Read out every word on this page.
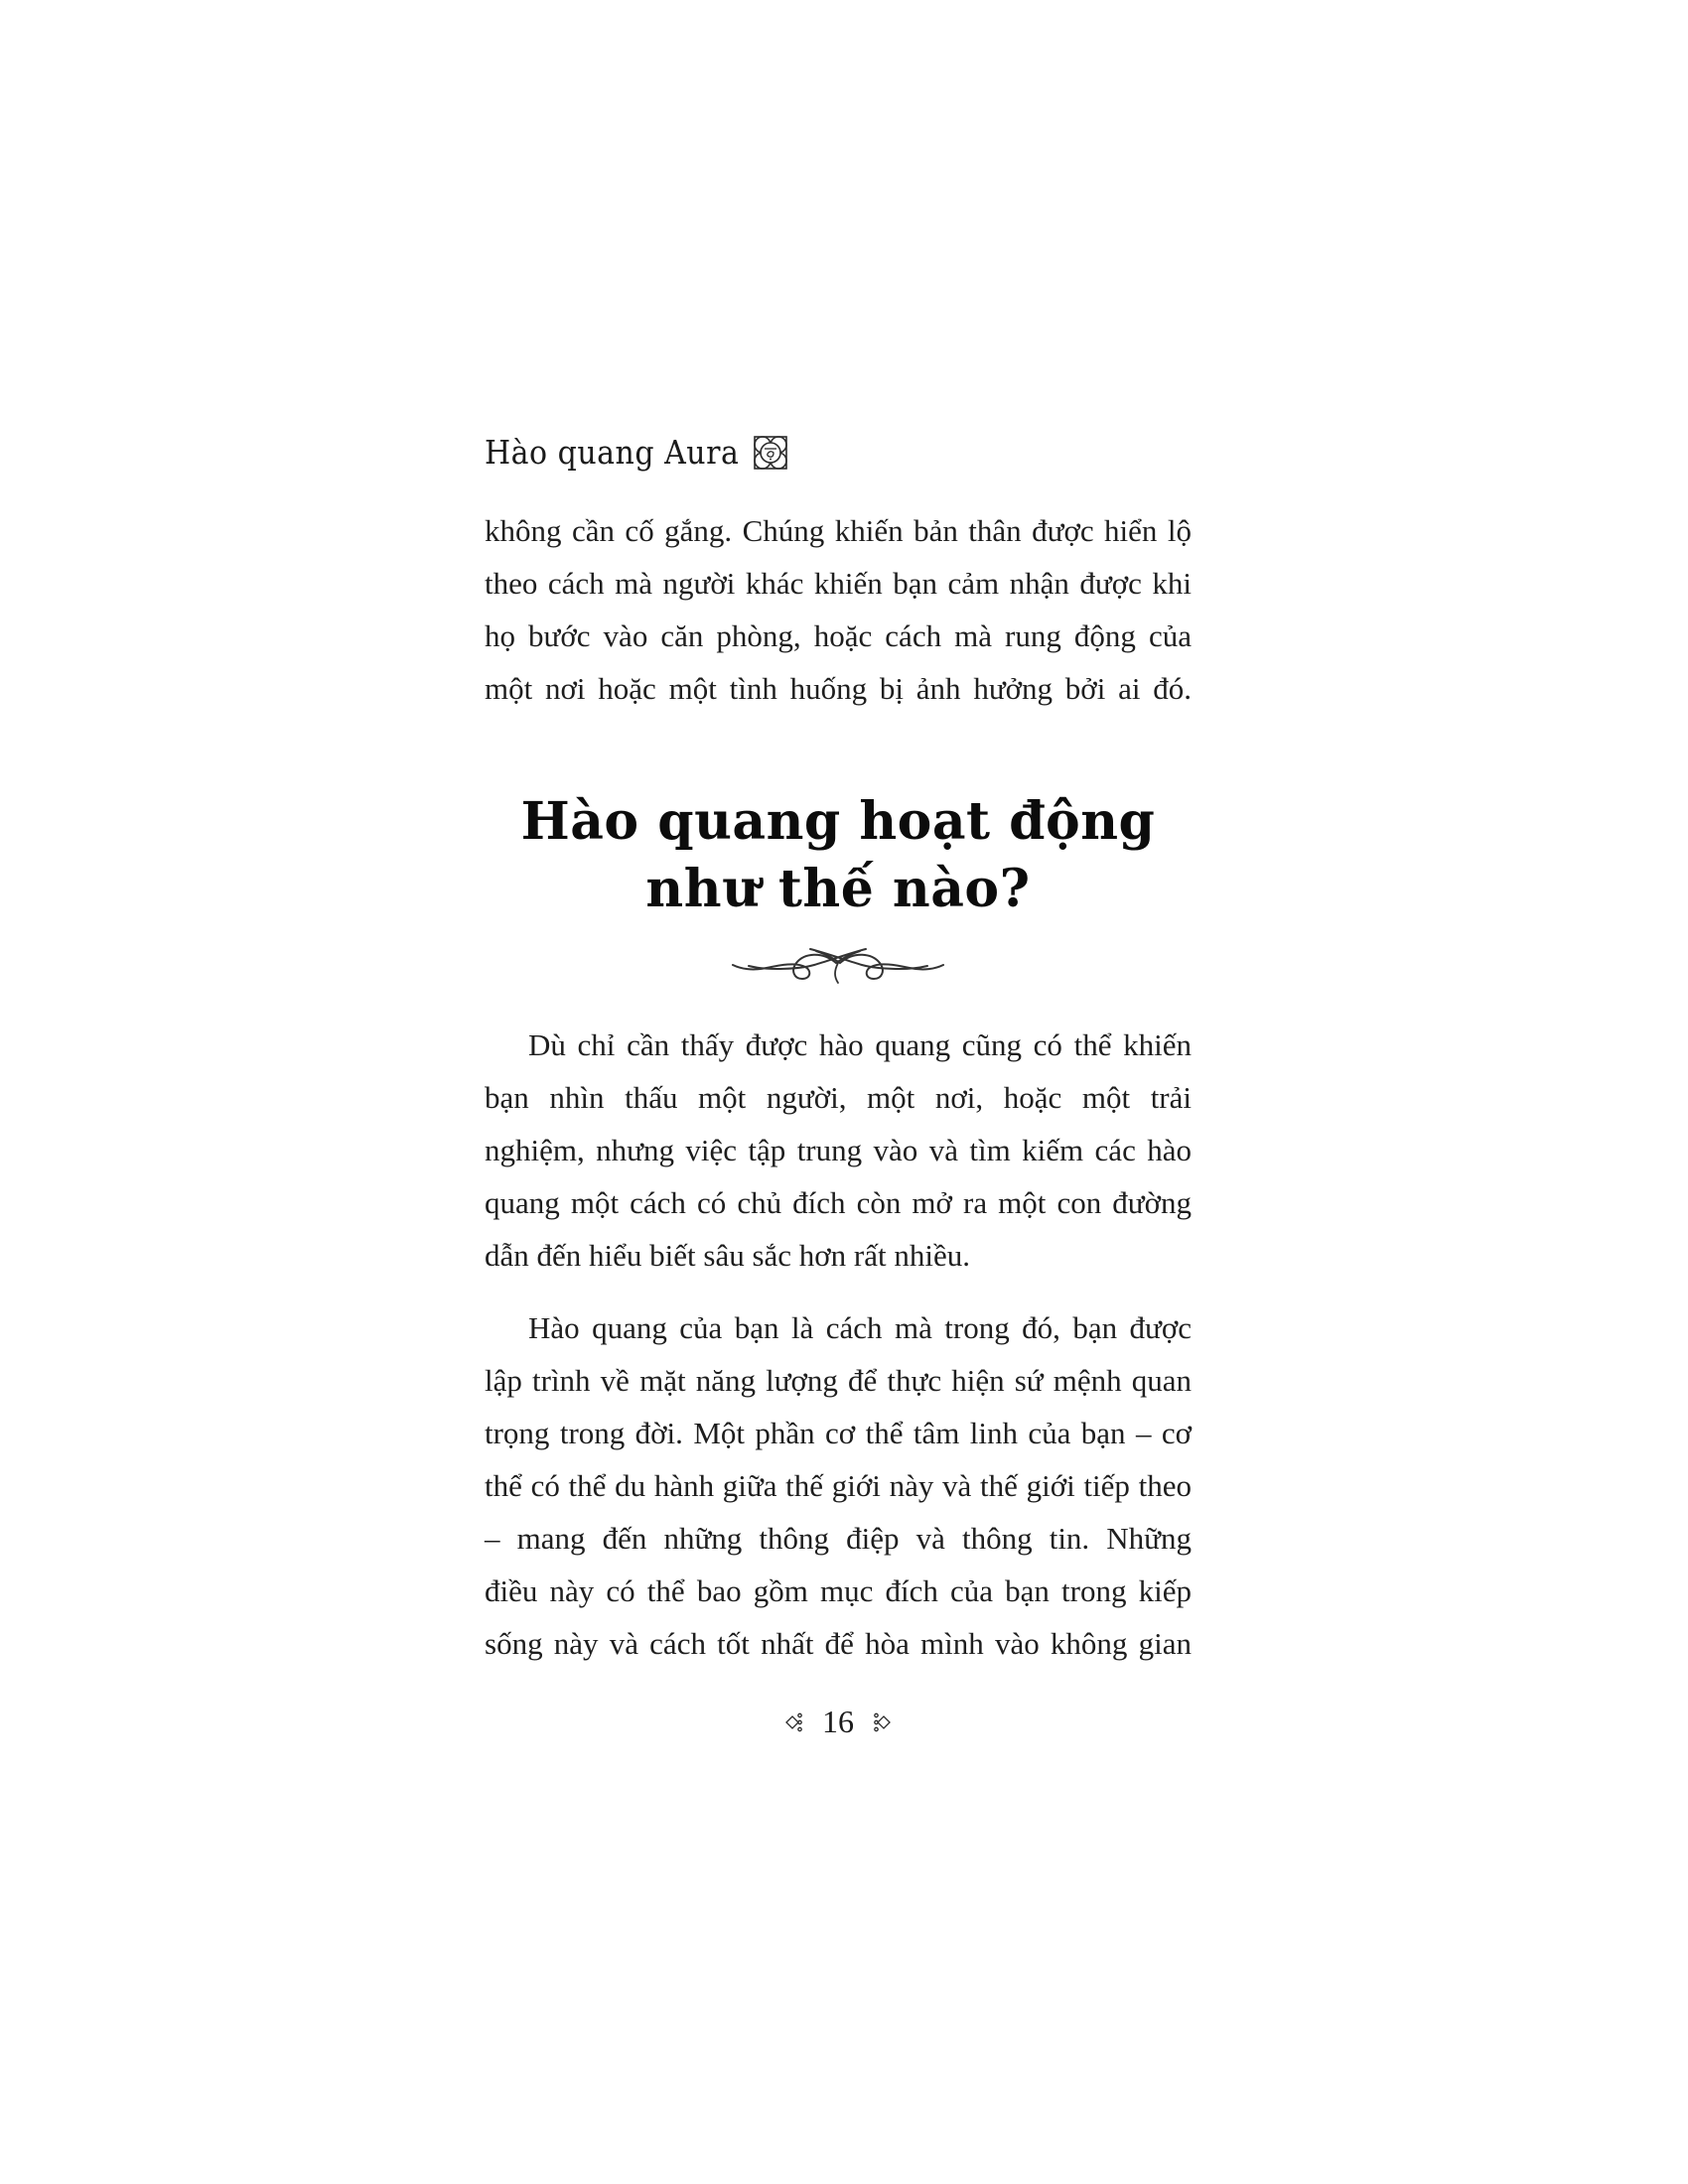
Hào quang Aura
không cần cố gắng. Chúng khiến bản thân được hiển lộ
theo cách mà người khác khiến bạn cảm nhận được khi
họ bước vào căn phòng, hoặc cách mà rung động của
một nơi hoặc một tình huống bị ảnh hưởng bởi ai đó.
Hào quang hoạt động
như thế nào?
Dù chỉ cần thấy được hào quang cũng có thể khiến
bạn nhìn thấu một người, một nơi, hoặc một trải
nghiệm, nhưng việc tập trung vào và tìm kiếm các hào
quang một cách có chủ đích còn mở ra một con đường
dẫn đến hiểu biết sâu sắc hơn rất nhiều.
Hào quang của bạn là cách mà trong đó, bạn được
lập trình về mặt năng lượng để thực hiện sứ mệnh quan
trọng trong đời. Một phần cơ thể tâm linh của bạn – cơ
thể có thể du hành giữa thế giới này và thế giới tiếp theo
– mang đến những thông điệp và thông tin. Những
điều này có thể bao gồm mục đích của bạn trong kiếp
sống này và cách tốt nhất để hòa mình vào không gian
16
